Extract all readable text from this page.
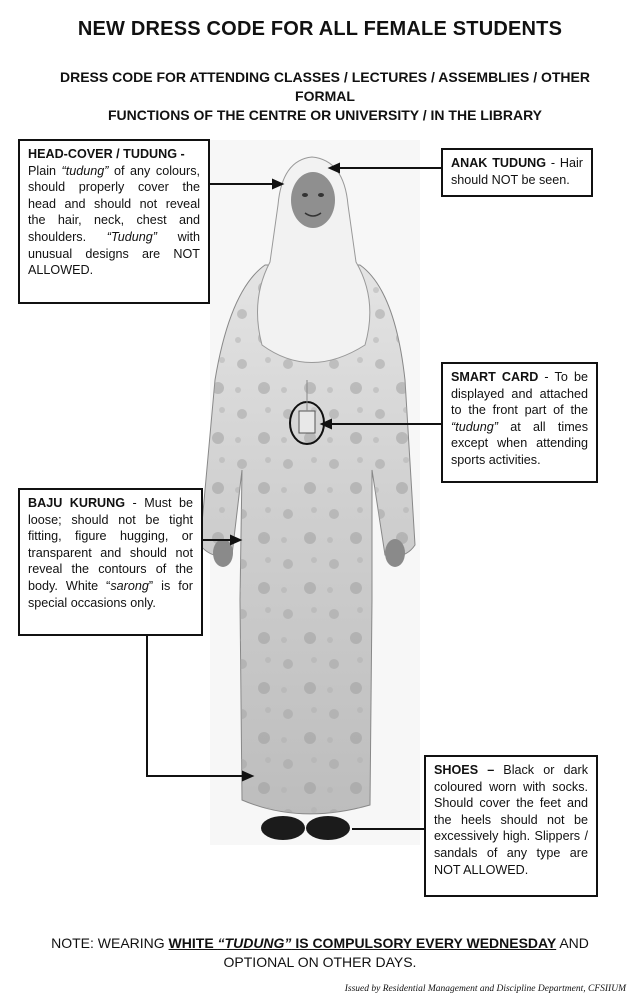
NEW DRESS CODE FOR ALL FEMALE STUDENTS
DRESS CODE FOR ATTENDING CLASSES / LECTURES / ASSEMBLIES / OTHER FORMAL
FUNCTIONS OF THE CENTRE OR UNIVERSITY / IN THE LIBRARY
HEAD-COVER / TUDUNG -
Plain “tudung” of any colours, should properly cover the head and should not reveal the hair, neck, chest and shoulders. “Tudung” with unusual designs are NOT ALLOWED.
ANAK TUDUNG - Hair should NOT be seen.
SMART CARD - To be displayed and attached to the front part of the “tudung” at all times except when attending sports activities.
BAJU KURUNG - Must be loose; should not be tight fitting, figure hugging, or transparent and should not reveal the contours of the body. White “sarong” is for special occasions only.
SHOES – Black or dark coloured worn with socks. Should cover the feet and the heels should not be excessively high. Slippers / sandals of any type are NOT ALLOWED.
NOTE: WEARING WHITE “TUDUNG” IS COMPULSORY EVERY WEDNESDAY AND
OPTIONAL ON OTHER DAYS.
Issued by Residential Management and Discipline Department, CFSIIUM
